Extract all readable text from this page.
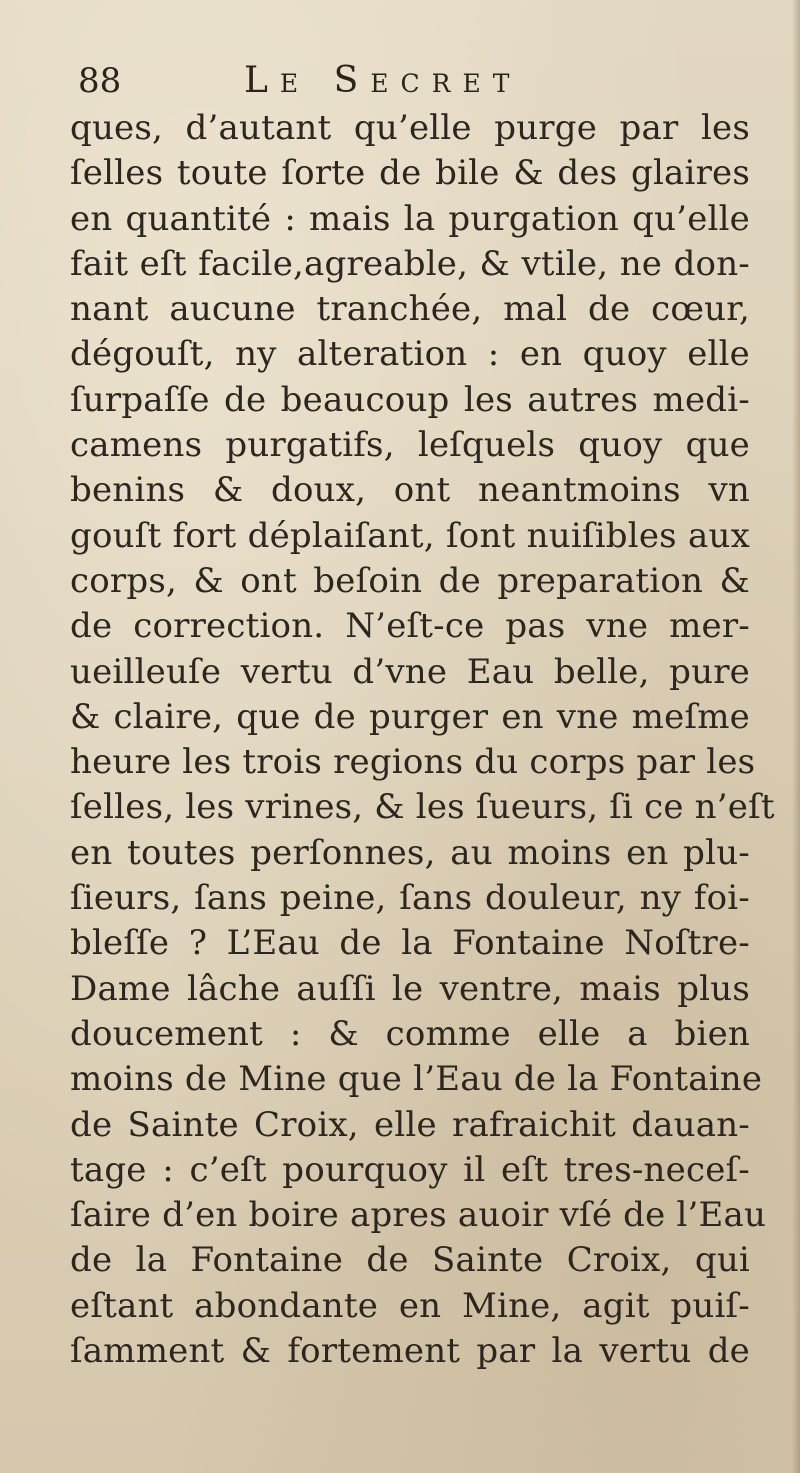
88	Le Secret
ques, d’autant qu’elle purge par les
ſelles toute ſorte de bile & des glaires
en quantité : mais la purgation qu’elle
fait eſt facile,agreable, & vtile, ne don-
nant aucune tranchée, mal de cœur,
dégouſt, ny alteration : en quoy elle
ſurpaſſe de beaucoup les autres medi-
camens purgatifs, leſquels quoy que
benins & doux, ont neantmoins vn
gouſt fort déplaiſant, ſont nuiſibles aux
corps, & ont beſoin de preparation &
de correction. N’eſt-ce pas vne mer-
ueilleuſe vertu d’vne Eau belle, pure
& claire, que de purger en vne meſme
heure les trois regions du corps par les
ſelles, les vrines, & les ſueurs, ſi ce n’eſt
en toutes perſonnes, au moins en plu-
ſieurs, ſans peine, ſans douleur, ny foi-
bleſſe ? L’Eau de la Fontaine Noſtre-
Dame lâche auſſi le ventre, mais plus
doucement : & comme elle a bien
moins de Mine que l’Eau de la Fontaine
de Sainte Croix, elle rafraichit dauan-
tage : c’eſt pourquoy il eſt tres-neceſ-
ſaire d’en boire apres auoir vſé de l’Eau
de la Fontaine de Sainte Croix, qui
eſtant abondante en Mine, agit puiſ-
ſamment & fortement par la vertu de
